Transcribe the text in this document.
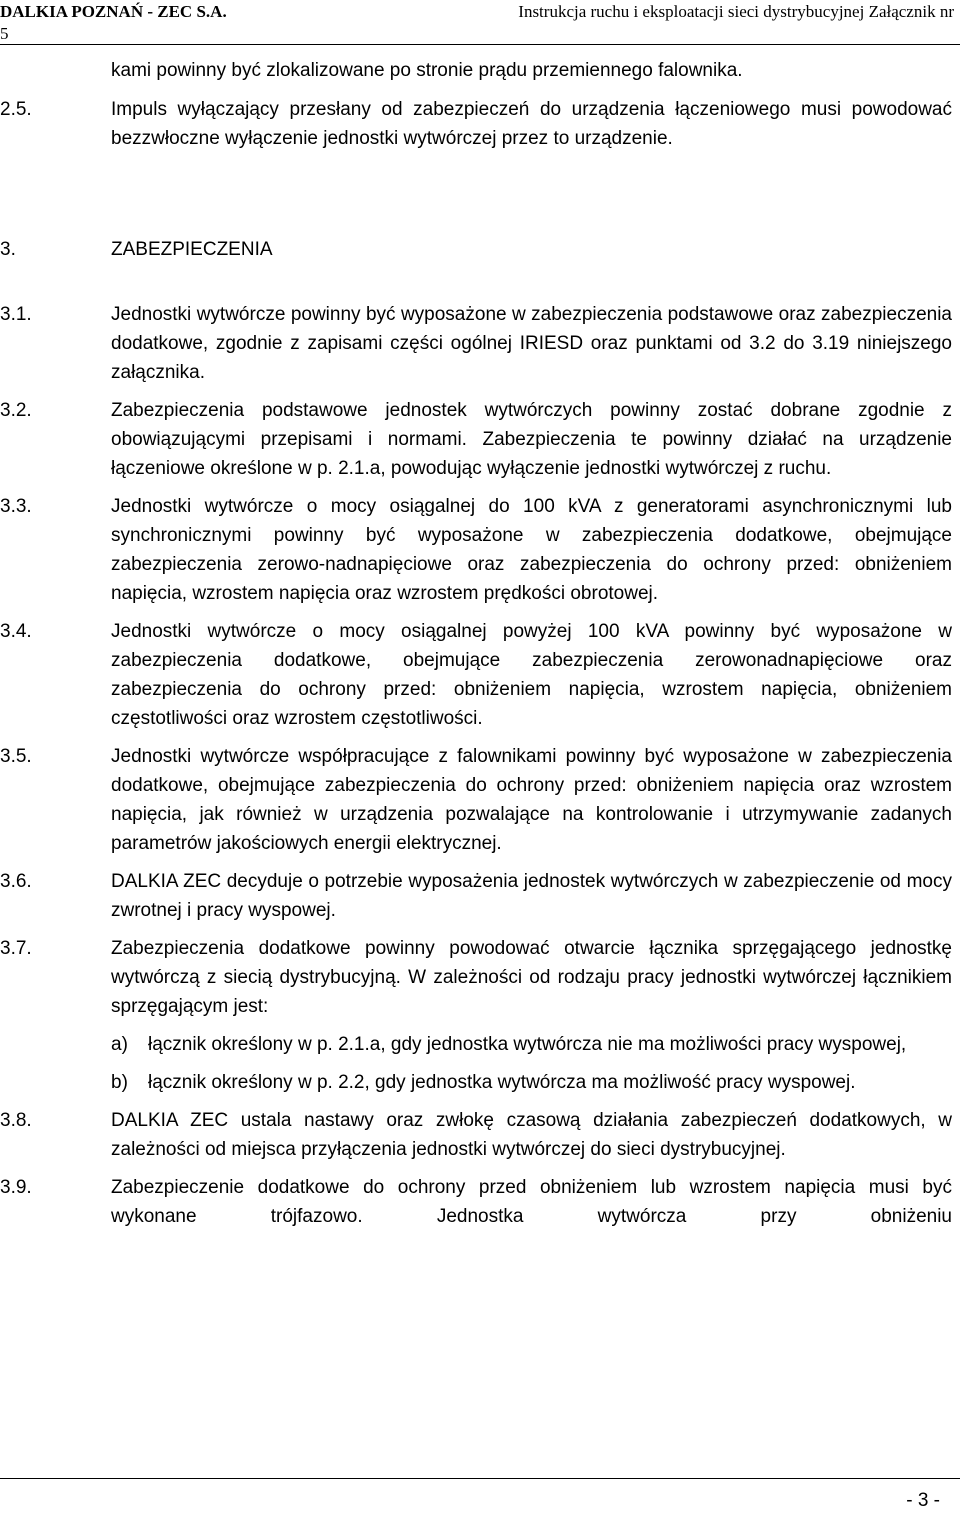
DALKIA POZNAŃ - ZEC S.A.	Instrukcja ruchu i eksploatacji sieci dystrybucyjnej Załącznik nr
5
kami powinny być zlokalizowane po stronie prądu przemiennego falownika.
2.5.	Impuls wyłączający przesłany od zabezpieczeń do urządzenia łączeniowego musi powodować bezzwłoczne wyłączenie jednostki wytwórczej przez to urządzenie.
3.	ZABEZPIECZENIA
3.1.	Jednostki wytwórcze powinny być wyposażone w zabezpieczenia podstawowe oraz zabezpieczenia dodatkowe, zgodnie z zapisami części ogólnej IRIESD oraz punktami od 3.2 do 3.19 niniejszego załącznika.
3.2.	Zabezpieczenia podstawowe jednostek wytwórczych powinny zostać dobrane zgodnie z obowiązującymi przepisami i normami. Zabezpieczenia te powinny działać na urządzenie łączeniowe określone w p. 2.1.a, powodując wyłączenie jednostki wytwórczej z ruchu.
3.3.	Jednostki wytwórcze o mocy osiągalnej do 100 kVA z generatorami asynchronicznymi lub synchronicznymi powinny być wyposażone w zabezpieczenia dodatkowe, obejmujące zabezpieczenia zerowo-nadnapięciowe oraz zabezpieczenia do ochrony przed: obniżeniem napięcia, wzrostem napięcia oraz wzrostem prędkości obrotowej.
3.4.	Jednostki wytwórcze o mocy osiągalnej powyżej 100 kVA powinny być wyposażone w zabezpieczenia dodatkowe, obejmujące zabezpieczenia zerowonadnapięciowe oraz zabezpieczenia do ochrony przed: obniżeniem napięcia, wzrostem napięcia, obniżeniem częstotliwości oraz wzrostem częstotliwości.
3.5.	Jednostki wytwórcze współpracujące z falownikami powinny być wyposażone w zabezpieczenia dodatkowe, obejmujące zabezpieczenia do ochrony przed: obniżeniem napięcia oraz wzrostem napięcia, jak również w urządzenia pozwalające na kontrolowanie i utrzymywanie zadanych parametrów jakościowych energii elektrycznej.
3.6.	DALKIA ZEC decyduje o potrzebie wyposażenia jednostek wytwórczych w zabezpieczenie od mocy zwrotnej i pracy wyspowej.
3.7.	Zabezpieczenia dodatkowe powinny powodować otwarcie łącznika sprzęgającego jednostkę wytwórczą z siecią dystrybucyjną. W zależności od rodzaju pracy jednostki wytwórczej łącznikiem sprzęgającym jest:
a) łącznik określony w p. 2.1.a, gdy jednostka wytwórcza nie ma możliwości pracy wyspowej,
b) łącznik określony w p. 2.2, gdy jednostka wytwórcza ma możliwość pracy wyspowej.
3.8.	DALKIA ZEC ustala nastawy oraz zwłokę czasową działania zabezpieczeń dodatkowych, w zależności od miejsca przyłączenia jednostki wytwórczej do sieci dystrybucyjnej.
3.9.	Zabezpieczenie dodatkowe do ochrony przed obniżeniem lub wzrostem napięcia musi być wykonane trójfazowo. Jednostka wytwórcza przy obniżeniu
- 3 -
